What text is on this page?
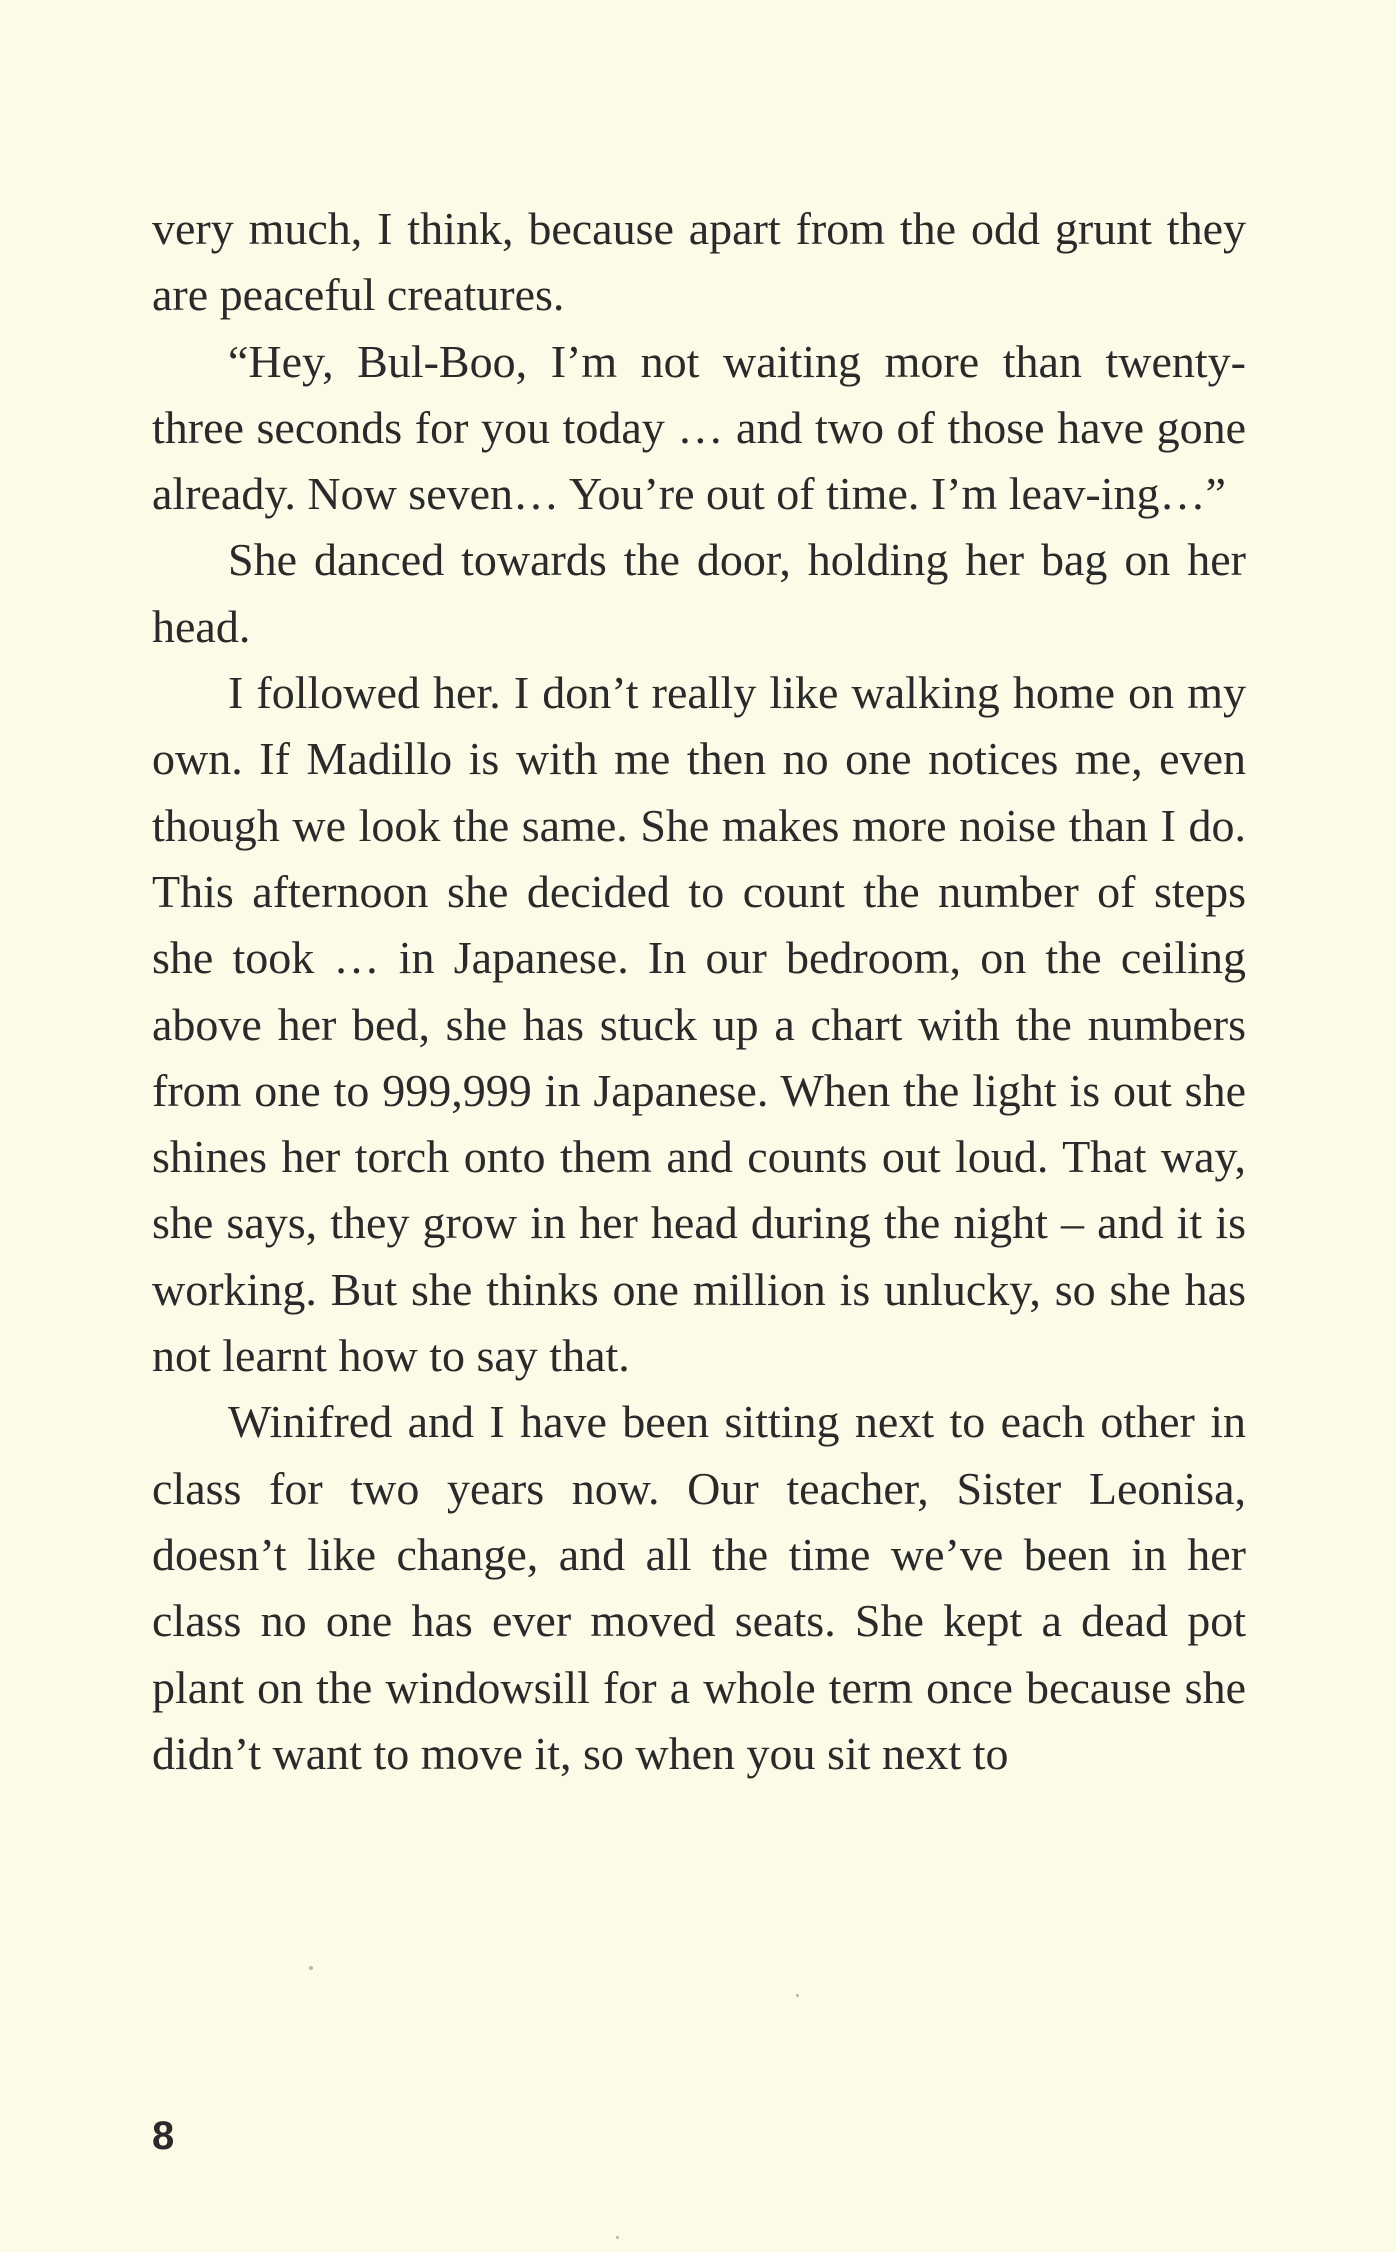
very much, I think, because apart from the odd grunt they are peaceful creatures.

“Hey, Bul-Boo, I’m not waiting more than twenty-three seconds for you today … and two of those have gone already. Now seven… You’re out of time. I’m leav-ing…”

She danced towards the door, holding her bag on her head.

I followed her. I don’t really like walking home on my own. If Madillo is with me then no one notices me, even though we look the same. She makes more noise than I do. This afternoon she decided to count the number of steps she took … in Japanese. In our bedroom, on the ceiling above her bed, she has stuck up a chart with the numbers from one to 999,999 in Japanese. When the light is out she shines her torch onto them and counts out loud. That way, she says, they grow in her head during the night – and it is working. But she thinks one million is unlucky, so she has not learnt how to say that.

Winifred and I have been sitting next to each other in class for two years now. Our teacher, Sister Leonisa, doesn’t like change, and all the time we’ve been in her class no one has ever moved seats. She kept a dead pot plant on the windowsill for a whole term once because she didn’t want to move it, so when you sit next to

8
